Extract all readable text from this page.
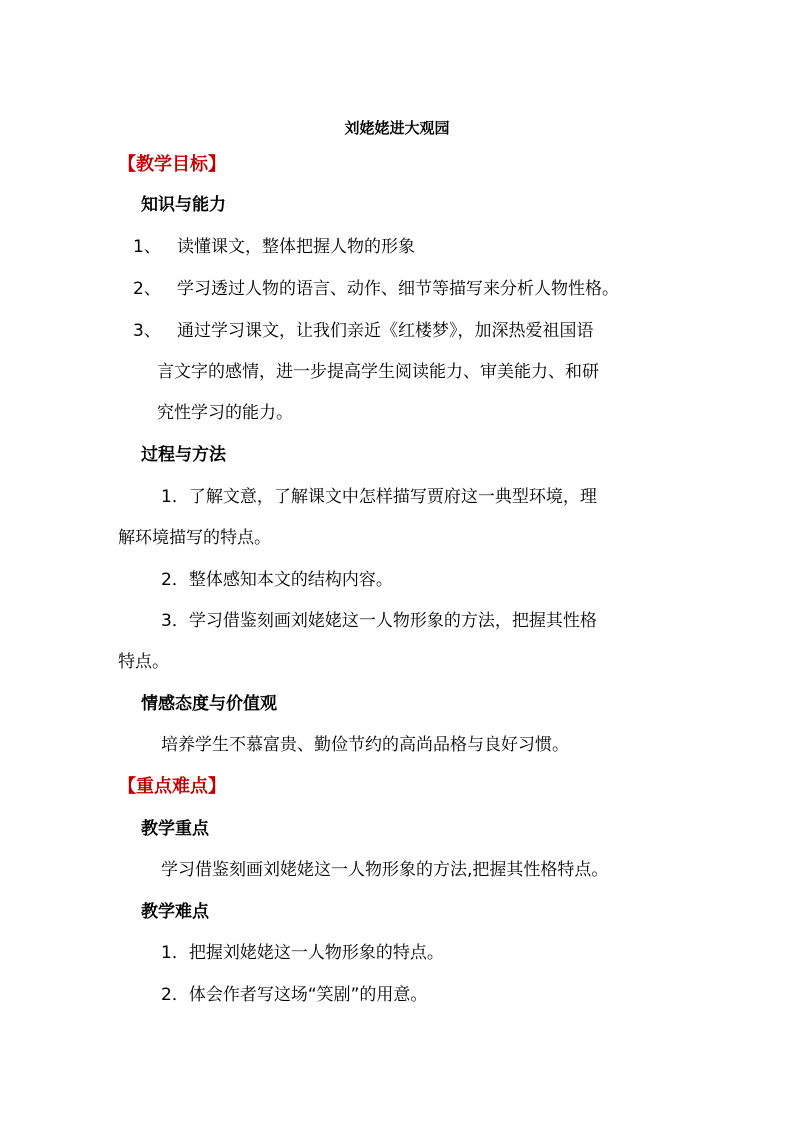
刘姥姥进大观园
【教学目标】
知识与能力
1、 读懂课文，整体把握人物的形象
2、 学习透过人物的语言、动作、细节等描写来分析人物性格。
3、 通过学习课文，让我们亲近《红楼梦》，加深热爱祖国语
言文字的感情，进一步提高学生阅读能力、审美能力、和研
究性学习的能力。
过程与方法
1．了解文意，了解课文中怎样描写贾府这一典型环境，理
解环境描写的特点。
2．整体感知本文的结构内容。
3．学习借鉴刻画刘姥姥这一人物形象的方法，把握其性格
特点。
情感态度与价值观
培养学生不慕富贵、勤俭节约的高尚品格与良好习惯。
【重点难点】
教学重点
学习借鉴刻画刘姥姥这一人物形象的方法,把握其性格特点。
教学难点
1．把握刘姥姥这一人物形象的特点。
2．体会作者写这场“笑剧”的用意。
